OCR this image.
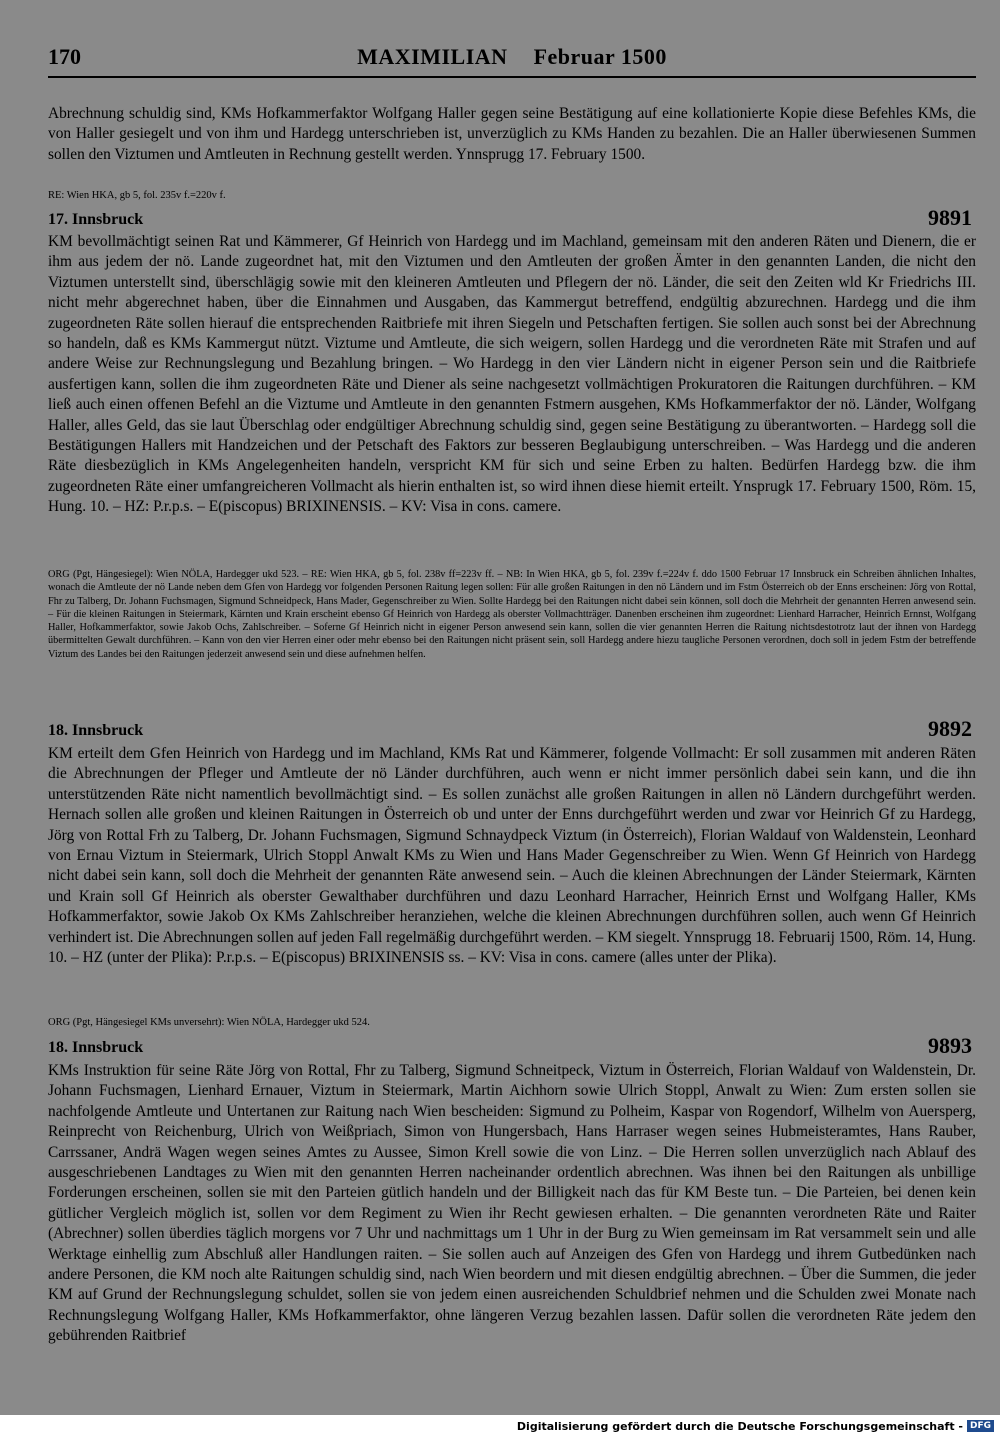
170	MAXIMILIAN Februar 1500
Abrechnung schuldig sind, KMs Hofkammerfaktor Wolfgang Haller gegen seine Bestätigung auf eine kollationierte Kopie diese Befehles KMs, die von Haller gesiegelt und von ihm und Hardegg unterschrieben ist, unverzüglich zu KMs Handen zu bezahlen. Die an Haller überwiesenen Summen sollen den Viztumen und Amtleuten in Rechnung gestellt werden. Ynnsprugg 17. February 1500.
RE: Wien HKA, gb 5, fol. 235v f.=220v f.
17. Innsbruck	9891
KM bevollmächtigt seinen Rat und Kämmerer, Gf Heinrich von Hardegg und im Machland, gemeinsam mit den anderen Räten und Dienern, die er ihm aus jedem der nö. Lande zugeordnet hat, mit den Viztumen und den Amtleuten der großen Ämter in den genannten Landen, die nicht den Viztumen unterstellt sind, überschlägig sowie mit den kleineren Amtleuten und Pflegern der nö. Länder, die seit den Zeiten wld Kr Friedrichs III. nicht mehr abgerechnet haben, über die Einnahmen und Ausgaben, das Kammergut betreffend, endgültig abzurechnen. Hardegg und die ihm zugeordneten Räte sollen hierauf die entsprechenden Raitbriefe mit ihren Siegeln und Petschaften fertigen. Sie sollen auch sonst bei der Abrechnung so handeln, daß es KMs Kammergut nützt. Viztume und Amtleute, die sich weigern, sollen Hardegg und die verordneten Räte mit Strafen und auf andere Weise zur Rechnungslegung und Bezahlung bringen. – Wo Hardegg in den vier Ländern nicht in eigener Person sein und die Raitbriefe ausfertigen kann, sollen die ihm zugeordneten Räte und Diener als seine nachgesetzt vollmächtigen Prokuratoren die Raitungen durchführen. – KM ließ auch einen offenen Befehl an die Viztume und Amtleute in den genannten Fstmern ausgehen, KMs Hofkammerfaktor der nö. Länder, Wolfgang Haller, alles Geld, das sie laut Überschlag oder endgültiger Abrechnung schuldig sind, gegen seine Bestätigung zu überantworten. – Hardegg soll die Bestätigungen Hallers mit Handzeichen und der Petschaft des Faktors zur besseren Beglaubigung unterschreiben. – Was Hardegg und die anderen Räte diesbezüglich in KMs Angelegenheiten handeln, verspricht KM für sich und seine Erben zu halten. Bedürfen Hardegg bzw. die ihm zugeordneten Räte einer umfangreicheren Vollmacht als hierin enthalten ist, so wird ihnen diese hiemit erteilt. Ynsprugk 17. February 1500, Röm. 15, Hung. 10. – HZ: P.r.p.s. – E(piscopus) BRIXINENSIS. – KV: Visa in cons. camere.
ORG (Pgt, Hängesiegel): Wien NÖLA, Hardegger ukd 523. – RE: Wien HKA, gb 5, fol. 238v ff=223v ff. – NB: In Wien HKA, gb 5, fol. 239v f.=224v f. ddo 1500 Februar 17 Innsbruck ein Schreiben ähnlichen Inhaltes, wonach die Amtleute der nö Lande neben dem Gfen von Hardegg vor folgenden Personen Raitung legen sollen: Für alle großen Raitungen in den nö Ländern und im Fstm Österreich ob der Enns erscheinen: Jörg von Rottal, Fhr zu Talberg, Dr. Johann Fuchsmagen, Sigmund Schneidpeck, Hans Mader, Gegenschreiber zu Wien. Sollte Hardegg bei den Raitungen nicht dabei sein können, soll doch die Mehrheit der genannten Herren anwesend sein. – Für die kleinen Raitungen in Steiermark, Kärnten und Krain erscheint ebenso Gf Heinrich von Hardegg als oberster Vollmachtträger. Danenben erscheinen ihm zugeordnet: Lienhard Harracher, Heinrich Ernnst, Wolfgang Haller, Hofkammerfaktor, sowie Jakob Ochs, Zahlschreiber. – Soferne Gf Heinrich nicht in eigener Person anwesend sein kann, sollen die vier genannten Herren die Raitung nichtsdestotrotz laut der ihnen von Hardegg übermittelten Gewalt durchführen. – Kann von den vier Herren einer oder mehr ebenso bei den Raitungen nicht präsent sein, soll Hardegg andere hiezu taugliche Personen verordnen, doch soll in jedem Fstm der betreffende Viztum des Landes bei den Raitungen jederzeit anwesend sein und diese aufnehmen helfen.
18. Innsbruck	9892
KM erteilt dem Gfen Heinrich von Hardegg und im Machland, KMs Rat und Kämmerer, folgende Vollmacht: Er soll zusammen mit anderen Räten die Abrechnungen der Pfleger und Amtleute der nö Länder durchführen, auch wenn er nicht immer persönlich dabei sein kann, und die ihn unterstützenden Räte nicht namentlich bevollmächtigt sind. – Es sollen zunächst alle großen Raitungen in allen nö Ländern durchgeführt werden. Hernach sollen alle großen und kleinen Raitungen in Österreich ob und unter der Enns durchgeführt werden und zwar vor Heinrich Gf zu Hardegg, Jörg von Rottal Frh zu Talberg, Dr. Johann Fuchsmagen, Sigmund Schnaydpeck Viztum (in Österreich), Florian Waldauf von Waldenstein, Leonhard von Ernau Viztum in Steiermark, Ulrich Stoppl Anwalt KMs zu Wien und Hans Mader Gegenschreiber zu Wien. Wenn Gf Heinrich von Hardegg nicht dabei sein kann, soll doch die Mehrheit der genannten Räte anwesend sein. – Auch die kleinen Abrechnungen der Länder Steiermark, Kärnten und Krain soll Gf Heinrich als oberster Gewalthaber durchführen und dazu Leonhard Harracher, Heinrich Ernst und Wolfgang Haller, KMs Hofkammerfaktor, sowie Jakob Ox KMs Zahlschreiber heranziehen, welche die kleinen Abrechnungen durchführen sollen, auch wenn Gf Heinrich verhindert ist. Die Abrechnungen sollen auf jeden Fall regelmäßig durchgeführt werden. – KM siegelt. Ynnsprugg 18. Februarij 1500, Röm. 14, Hung. 10. – HZ (unter der Plika): P.r.p.s. – E(piscopus) BRIXINENSIS ss. – KV: Visa in cons. camere (alles unter der Plika).
ORG (Pgt, Hängesiegel KMs unversehrt): Wien NÖLA, Hardegger ukd 524.
18. Innsbruck	9893
KMs Instruktion für seine Räte Jörg von Rottal, Fhr zu Talberg, Sigmund Schneitpeck, Viztum in Österreich, Florian Waldauf von Waldenstein, Dr. Johann Fuchsmagen, Lienhard Ernauer, Viztum in Steiermark, Martin Aichhorn sowie Ulrich Stoppl, Anwalt zu Wien: Zum ersten sollen sie nachfolgende Amtleute und Untertanen zur Raitung nach Wien bescheiden: Sigmund zu Polheim, Kaspar von Rogendorf, Wilhelm von Auersperg, Reinprecht von Reichenburg, Ulrich von Weißpriach, Simon von Hungersbach, Hans Harraser wegen seines Hubmeisteramtes, Hans Rauber, Carrssaner, Andrä Wagen wegen seines Amtes zu Aussee, Simon Krell sowie die von Linz. – Die Herren sollen unverzüglich nach Ablauf des ausgeschriebenen Landtages zu Wien mit den genannten Herren nacheinander ordentlich abrechnen. Was ihnen bei den Raitungen als unbillige Forderungen erscheinen, sollen sie mit den Parteien gütlich handeln und der Billigkeit nach das für KM Beste tun. – Die Parteien, bei denen kein gütlicher Vergleich möglich ist, sollen vor dem Regiment zu Wien ihr Recht gewiesen erhalten. – Die genannten verordneten Räte und Raiter (Abrechner) sollen überdies täglich morgens vor 7 Uhr und nachmittags um 1 Uhr in der Burg zu Wien gemeinsam im Rat versammelt sein und alle Werktage einhellig zum Abschluß aller Handlungen raiten. – Sie sollen auch auf Anzeigen des Gfen von Hardegg und ihrem Gutbedünken nach andere Personen, die KM noch alte Raitungen schuldig sind, nach Wien beordern und mit diesen endgültig abrechnen. – Über die Summen, die jeder KM auf Grund der Rechnungslegung schuldet, sollen sie von jedem einen ausreichenden Schuldbrief nehmen und die Schulden zwei Monate nach Rechnungslegung Wolfgang Haller, KMs Hofkammerfaktor, ohne längeren Verzug bezahlen lassen. Dafür sollen die verordneten Räte jedem den gebührenden Raitbrief
Digitalisierung gefördert durch die Deutsche Forschungsgemeinschaft - DFG
